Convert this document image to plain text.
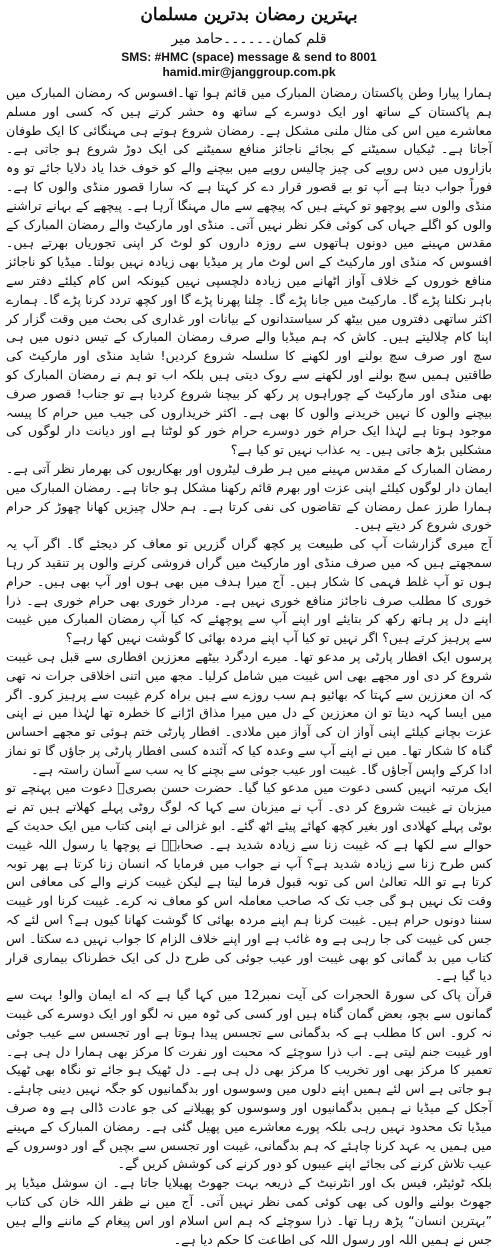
بہترین رمضان بدترین مسلمان
قلم کمان۔۔۔۔۔۔حامد میر
SMS: #HMC (space) message & send to 8001
hamid.mir@janggroup.com.pk

ہمارا پیارا وطن پاکستان رمضان المبارک میں قائم ہوا تھا۔افسوس کہ رمضان المبارک میں ہم پاکستان کے ساتھ اور ایک دوسرے کے ساتھ وہ حشر کرتے ہیں کہ کسی اور مسلم معاشرے میں اس کی مثال ملنی مشکل ہے۔ رمضان شروع ہوتے ہی مہنگائی کا ایک طوفان آجاتا ہے۔ ٹیکیاں سمیٹنے کے بجائے ناجائز منافع سمیٹنے کی ایک دوڑ شروع ہو جاتی ہے۔ بازاروں میں دس روپے کی چیز چالیس روپے میں بیچنے والے کو خوف خدا یاد دلایا جائے تو وہ فوراً جواب دیتا ہے آپ تو بے قصور قرار دے کر کہتا ہے کہ سارا قصور منڈی والوں کا ہے۔ منڈی والوں سے پوچھو تو کہتے ہیں کہ پیچھے سے مال مہنگا آرہا ہے۔ پیچھے کے بہانے تراشنے والوں کو اگلے جہاں کی کوئی فکر نظر نہیں آتی۔ منڈی اور مارکیٹ والے رمضان المبارک کے مقدس مہینے میں دونوں ہاتھوں سے روزہ داروں کو لوٹ کر اپنی تجوریاں بھرتے ہیں۔افسوس کہ منڈی اور مارکیٹ کے اس لوٹ مار پر میڈیا بھی زیادہ نہیں بولتا۔ میڈیا کو ناجائز منافع خوروں کے خلاف آواز اٹھانے میں زیادہ دلچسپی نہیں کیونکہ اس کام کیلئے دفتر سے باہر نکلنا پڑے گا۔ مارکیٹ میں جانا پڑے گا۔ چلنا پھرنا پڑے گا اور کچھ تردد کرنا پڑے گا۔ ہمارے اکثر ساتھی دفتروں میں بیٹھ کر سیاستدانوں کے بیانات اور غداری کی بحث میں وقت گزار کر اپنا کام چلالیتے ہیں۔ کاش کہ ہم میڈیا والے صرف رمضان المبارک کے تیس دنوں میں ہی سچ اور صرف سچ بولنے اور لکھنے کا سلسلہ شروع کردیں! شاید منڈی اور مارکیٹ کی طاقتیں ہمیں سچ بولنے اور لکھنے سے روک دیتی ہیں بلکہ اب تو ہم نے رمضان المبارک کو بھی منڈی اور مارکیٹ کے چوراہوں پر رکھ کر بیچنا شروع کردیا ہے تو جناب! قصور صرف بیچنے والوں کا نہیں خریدنے والوں کا بھی ہے۔ اکثر خریداروں کی جیب میں حرام کا پیسہ موجود ہوتا ہے لہٰذا ایک حرام خور دوسرے حرام خور کو لوٹتا ہے اور دیانت دار لوگوں کی مشکلیں بڑھ جاتی ہیں۔ یہ عذاب نہیں تو کیا ہے؟

رمضان المبارک کے مقدس مہینے میں ہر طرف لیٹروں اور بھکاریوں کی بھرمار نظر آتی ہے۔ ایمان دار لوگوں کیلئے اپنی عزت اور بھرم قائم رکھنا مشکل ہو جاتا ہے۔ رمضان المبارک میں ہمارا طرز عمل رمضان کے تقاضوں کی نفی کرتا ہے۔ ہم حلال چیزیں کھانا چھوڑ کر حرام خوری شروع کر دیتے ہیں۔

آج میری گزارشات آپ کی طبیعت پر کچھ گراں گزریں تو معاف کر دیجئے گا۔ اگر آپ یہ سمجھتے ہیں کہ میں صرف منڈی اور مارکیٹ میں گراں فروشی کرنے والوں پر تنقید کر رہا ہوں تو آپ غلط فہمی کا شکار ہیں۔ آج میرا ہدف میں بھی ہوں اور آپ بھی ہیں۔ حرام خوری کا مطلب صرف ناجائز منافع خوری نہیں ہے۔ مردار خوری بھی حرام خوری ہے۔ ذرا اپنے دل پر ہاتھ رکھ کر بتایئے اور اپنے آپ سے پوچھئے کہ کیا آپ رمضان المبارک میں غیبت سے پرہیز کرتے ہیں؟ اگر نہیں تو کیا آپ اپنے مردہ بھائی کا گوشت نہیں کھا رہے؟

پرسوں ایک افطار پارٹی پر مدعو تھا۔ میرے اردگرد بیٹھے معززین افطاری سے قبل ہی غیبت شروع کر دی اور مجھے بھی اس غیبت میں شامل کرلیا۔ مجھ میں اتنی اخلاقی جرات نہ تھی کہ ان معززین سے کہتا کہ بھائیو ہم سب روزے سے ہیں براہ کرم غیبت سے پرہیز کرو۔ اگر میں ایسا کہہ دیتا تو ان معززین کے دل میں میرا مذاق اڑانے کا خطرہ تھا لہٰذا میں نے اپنی عزت بچانے کیلئے اپنی آواز ان کی آواز میں ملادی۔ افطار پارٹی ختم ہوئی تو مجھے احساس گناہ کا شکار تھا۔ میں نے اپنے آپ سے وعدہ کیا کہ آئندہ کسی افطار پارٹی پر جاؤں گا تو نماز ادا کرکے واپس آجاؤں گا۔ غیبت اور عیب جوئی سے بچنے کا یہ سب سے آسان راستہ ہے۔

ایک مرتبہ انہیں کسی دعوت میں مدعو کیا گیا۔ حضرت حسن بصریؒ دعوت میں پہنچے تو میزبان نے غیبت شروع کر دی۔ آپ نے میزبان سے کہا کہ لوگ روٹی پہلے کھلاتے ہیں تم نے بوٹی پہلے کھلادی اور بغیر کچھ کھائے پیئے اٹھ گئے۔ ابو غزالی نے اپنی کتاب میں ایک حدیث کے حوالے سے لکھا ہے کہ غیبت زنا سے زیادہ شدید ہے۔ صحابہؓ نے پوچھا یا رسول اللہ غیبت کس طرح زنا سے زیادہ شدید ہے؟ آپ نے جواب میں فرمایا کہ انسان زنا کرتا ہے پھر توبہ کرتا ہے تو اللہ تعالیٰ اس کی توبہ قبول فرما لیتا ہے لیکن غیبت کرنے والے کی معافی اس وقت تک نہیں ہو گی جب تک کہ صاحب معاملہ اس کو معاف نہ کرے۔ غیبت کرنا اور غیبت سننا دونوں حرام ہیں۔ غیبت کرنا ہم اپنے مردہ بھائی کا گوشت کھانا کیوں ہے؟ اس لئے کہ جس کی غیبت کی جا رہی ہے وہ غائب ہے اور اپنے خلاف الزام کا جواب نہیں دے سکتا۔ اس کتاب میں بد گمانی کو بھی غیبت اور عیب جوئی کی طرح دل کی ایک خطرناک بیماری قرار دیا گیا ہے۔

قرآن پاک کی سورۃ الحجرات کی آیت نمبر12 میں کہا گیا ہے کہ اے ایمان والو! بہت سے گمانوں سے بچو، بعض گمان گناہ ہیں اور کسی کی ٹوہ میں نہ لگو اور ایک دوسرے کی غیبت نہ کرو۔ اس کا مطلب ہے کہ بدگمانی سے تجسس پیدا ہوتا ہے اور تجسس سے عیب جوئی اور غیبت جنم لیتی ہے۔ اب ذرا سوچئے کہ محبت اور نفرت کا مرکز بھی ہمارا دل ہی ہے۔ تعمیر کا مرکز بھی اور تخریب کا مرکز بھی دل ہی ہے۔ دل ٹھیک ہو جائے تو نگاہ بھی ٹھیک ہو جاتی ہے اس لئے ہمیں اپنے دلوں میں وسوسوں اور بدگمانیوں کو جگہ نہیں دینی چاہئے۔ آجکل کے میڈیا نے ہمیں بدگمانیوں اور وسوسوں کو پھیلانے کی جو عادت ڈالی ہے وہ صرف میڈیا تک محدود نہیں رہی بلکہ پورے معاشرے میں پھیل گئی ہے۔ رمضان المبارک کے مہینے میں ہمیں یہ عہد کرنا چاہئے کہ ہم بدگمانی، غیبت اور تجسس سے بچیں گے اور دوسروں کے عیب تلاش کرنے کی بجائے اپنے عیبوں کو دور کرنے کی کوشش کریں گے۔

بلکہ ٹوئیٹر، فیس بک اور انٹرنیٹ کے ذریعہ بہت جھوٹ پھیلایا جاتا ہے۔ ان سوشل میڈیا پر جھوٹ بولنے والوں کی بھی کوئی کمی نظر نہیں آتی۔ آج میں نے ظفر اللہ خان کی کتاب ”بہترین انسان“ پڑھ رہا تھا۔ ذرا سوچئے کہ ہم اس اسلام اور اس پیغام کے ماننے والے ہیں جس نے ہمیں اللہ اور رسول اللہ کی اطاعت کا حکم دیا ہے۔
